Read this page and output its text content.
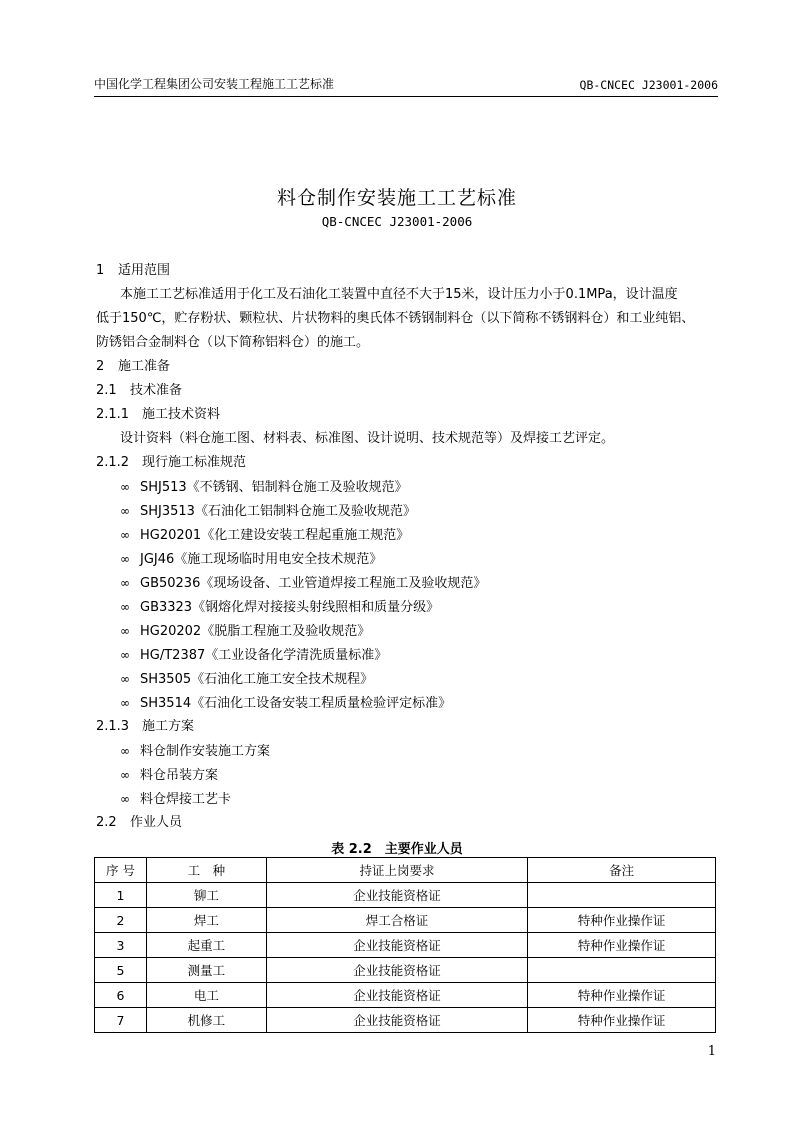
中国化学工程集团公司安装工程施工工艺标准	QB-CNCEC J23001-2006
料仓制作安装施工工艺标准
QB-CNCEC J23001-2006
1 适用范围
本施工工艺标准适用于化工及石油化工装置中直径不大于15米，设计压力小于0.1MPa，设计温度
低于150℃，贮存粉状、颗粒状、片状物料的奥氏体不锈钢制料仓（以下简称不锈钢料仓）和工业纯铝、
防锈铝合金制料仓（以下简称铝料仓）的施工。
2 施工准备
2.1 技术准备
2.1.1 施工技术资料
设计资料（料仓施工图、材料表、标准图、设计说明、技术规范等）及焊接工艺评定。
2.1.2 现行施工标准规范
∞ SHJ513《不锈钢、铝制料仓施工及验收规范》
∞ SHJ3513《石油化工铝制料仓施工及验收规范》
∞ HG20201《化工建设安装工程起重施工规范》
∞ JGJ46《施工现场临时用电安全技术规范》
∞ GB50236《现场设备、工业管道焊接工程施工及验收规范》
∞ GB3323《钢熔化焊对接接头射线照相和质量分级》
∞ HG20202《脱脂工程施工及验收规范》
∞ HG/T2387《工业设备化学清洗质量标准》
∞ SH3505《石油化工施工安全技术规程》
∞ SH3514《石油化工设备安装工程质量检验评定标准》
2.1.3 施工方案
∞ 料仓制作安装施工方案
∞ 料仓吊装方案
∞ 料仓焊接工艺卡
2.2 作业人员
表 2.2　主要作业人员
序 号	工　种	持证上岗要求	备注
1	铆工	企业技能资格证	
2	焊工	焊工合格证	特种作业操作证
3	起重工	企业技能资格证	特种作业操作证
5	测量工	企业技能资格证	
6	电工	企业技能资格证	特种作业操作证
7	机修工	企业技能资格证	特种作业操作证
1
